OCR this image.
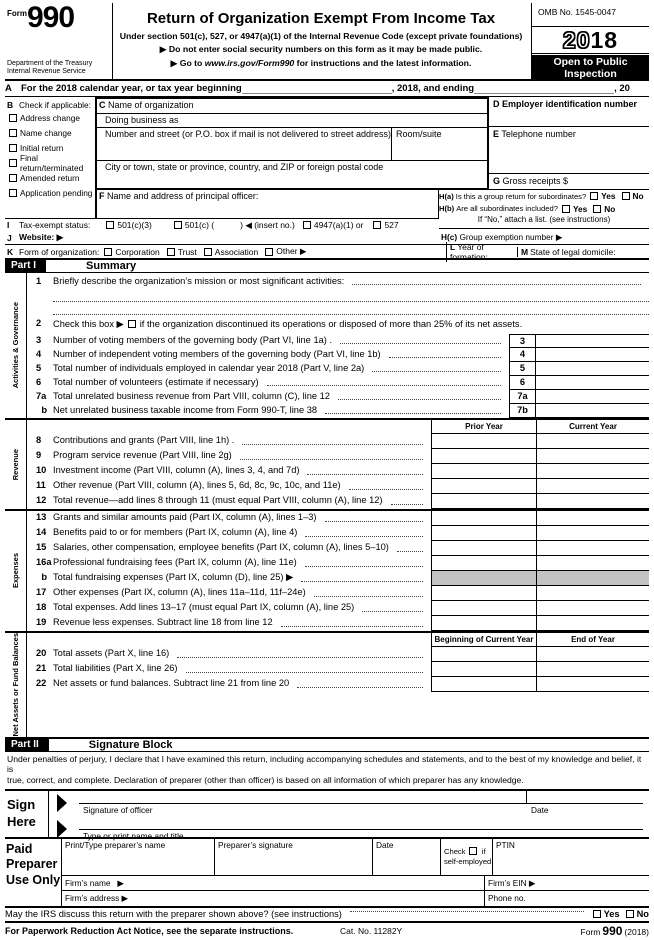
Form 990
Department of the Treasury
Internal Revenue Service
Return of Organization Exempt From Income Tax
Under section 501(c), 527, or 4947(a)(1) of the Internal Revenue Code (except private foundations)
▶ Do not enter social security numbers on this form as it may be made public.
▶ Go to www.irs.gov/Form990 for instructions and the latest information.
OMB No. 1545-0047
2018
Open to Public
Inspection
A For the 2018 calendar year, or tax year beginning	, 2018, and ending	, 20
B Check if applicable:
Address change
Name change
Initial return
Final return/terminated
Amended return
Application pending
C Name of organization
Doing business as
Number and street (or P.O. box if mail is not delivered to street address) Room/suite
City or town, state or province, country, and ZIP or foreign postal code
D Employer identification number
E Telephone number
G Gross receipts $
F Name and address of principal officer:	H(a) Is this a group return for subordinates? Yes No
H(b) Are all subordinates included? Yes No
If “No,” attach a list. (see instructions)
H(c) Group exemption number ▶
I	Tax-exempt status:	501(c)(3)	501(c) (	) ◀ (insert no.) 4947(a)(1) or 527
J Website: ▶
K Form of organization: Corporation Trust Association Other ▶	L Year of formation:	M State of legal domicile:
Part I	Summary
Activities & Governance
1	Briefly describe the organization’s mission or most significant activities:
2	Check this box ▶ if the organization discontinued its operations or disposed of more than 25% of its net assets.
3	Number of voting members of the governing body (Part VI, line 1a) .	3
4	Number of independent voting members of the governing body (Part VI, line 1b)	4
5	Total number of individuals employed in calendar year 2018 (Part V, line 2a)	5
6	Total number of volunteers (estimate if necessary)	6
7a Total unrelated business revenue from Part VIII, column (C), line 12	7a
b Net unrelated business taxable income from Form 990-T, line 38	7b
Revenue
Prior Year	Current Year
8	Contributions and grants (Part VIII, line 1h) .
9	Program service revenue (Part VIII, line 2g)
10 Investment income (Part VIII, column (A), lines 3, 4, and 7d)
11 Other revenue (Part VIII, column (A), lines 5, 6d, 8c, 9c, 10c, and 11e)
12 Total revenue—add lines 8 through 11 (must equal Part VIII, column (A), line 12)
Expenses
13 Grants and similar amounts paid (Part IX, column (A), lines 1–3)
14 Benefits paid to or for members (Part IX, column (A), line 4)
15 Salaries, other compensation, employee benefits (Part IX, column (A), lines 5–10)
16a Professional fundraising fees (Part IX, column (A), line 11e)
b Total fundraising expenses (Part IX, column (D), line 25) ▶
17 Other expenses (Part IX, column (A), lines 11a–11d, 11f–24e)
18 Total expenses. Add lines 13–17 (must equal Part IX, column (A), line 25)
19 Revenue less expenses. Subtract line 18 from line 12
Net Assets or Fund Balances	Beginning of Current Year	End of Year
20 Total assets (Part X, line 16)
21 Total liabilities (Part X, line 26)
22 Net assets or fund balances. Subtract line 21 from line 20
Part II	Signature Block
Under penalties of perjury, I declare that I have examined this return, including accompanying schedules and statements, and to the best of my knowledge and belief, it is
true, correct, and complete. Declaration of preparer (other than officer) is based on all information of which preparer has any knowledge.
Sign
Here
Signature of officer	Date
Type or print name and title
Paid
Preparer
Use Only
Print/Type preparer’s name	Preparer’s signature	Date
Check if
self-employed
PTIN
Firm’s name ▶	Firm’s EIN ▶
Firm’s address ▶	Phone no.
May the IRS discuss this return with the preparer shown above? (see instructions)	Yes No
For Paperwork Reduction Act Notice, see the separate instructions.	Cat. No. 11282Y	Form 990 (2018)
